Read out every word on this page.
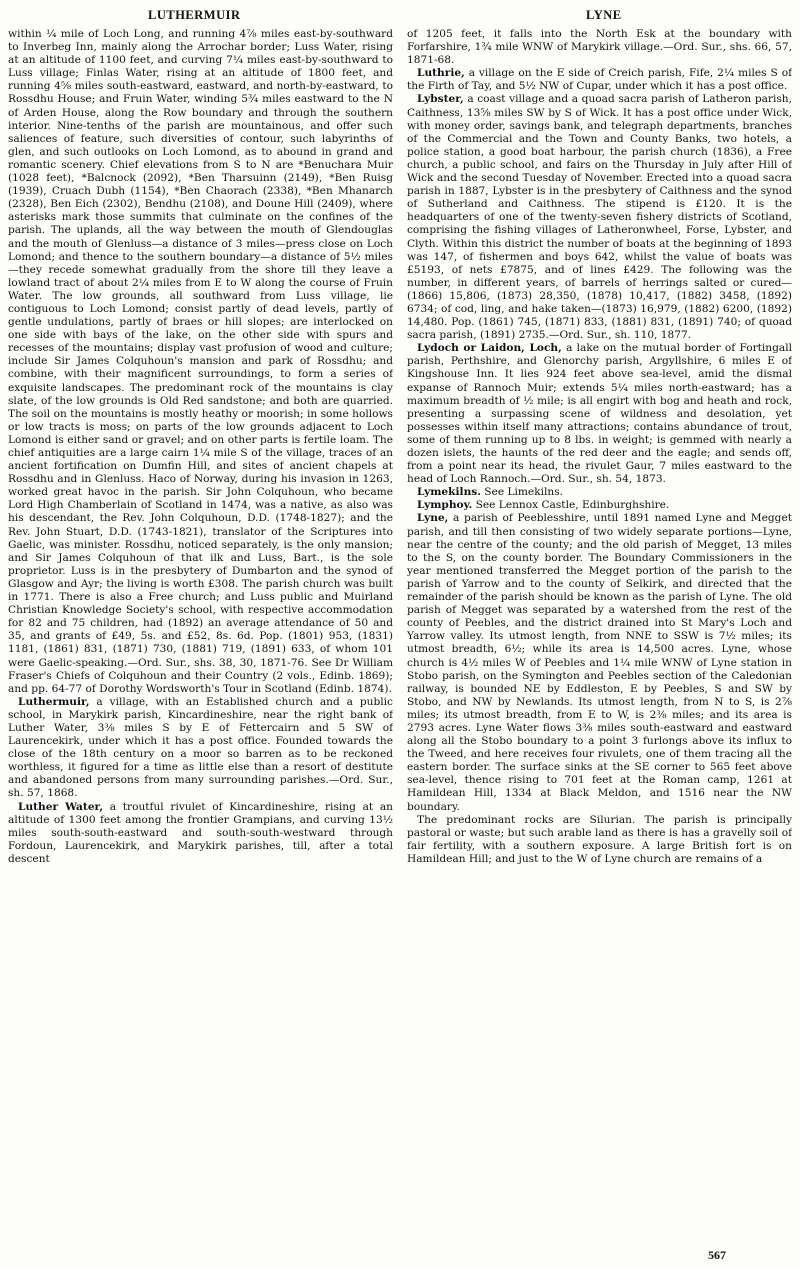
LUTHERMUIR	LYNE

within ¼ mile of Loch Long, and running 4⅞ miles east-by-southward to Inverbeg Inn, mainly along the Arrochar border; Luss Water, rising at an altitude of 1100 feet, and curving 7¼ miles east-by-southward to Luss village; Finlas Water, rising at an altitude of 1800 feet, and running 4⅝ miles south-eastward, eastward, and north-by-eastward, to Rossdhu House; and Fruin Water, winding 5¾ miles eastward to the N of Arden House, along the Row boundary and through the southern interior. Nine-tenths of the parish are mountainous, and offer such saliences of feature, such diversities of contour, such labyrinths of glen, and such outlooks on Loch Lomond, as to abound in grand and romantic scenery. Chief elevations from S to N are *Benuchara Muir (1028 feet), *Balcnock (2092), *Ben Tharsuinn (2149), *Ben Ruisg (1939), Cruach Dubh (1154), *Ben Chaorach (2338), *Ben Mhanarch (2328), Ben Eich (2302), Bendhu (2108), and Doune Hill (2409), where asterisks mark those summits that culminate on the confines of the parish. The uplands, all the way between the mouth of Glendouglas and the mouth of Glenluss—a distance of 3 miles—press close on Loch Lomond; and thence to the southern boundary—a distance of 5½ miles—they recede somewhat gradually from the shore till they leave a lowland tract of about 2¼ miles from E to W along the course of Fruin Water. The low grounds, all southward from Luss village, lie contiguous to Loch Lomond; consist partly of dead levels, partly of gentle undulations, partly of braes or hill slopes; are interlocked on one side with bays of the lake, on the other side with spurs and recesses of the mountains; display vast profusion of wood and culture; include Sir James Colquhoun's mansion and park of Rossdhu; and combine, with their magnificent surroundings, to form a series of exquisite landscapes. The predominant rock of the mountains is clay slate, of the low grounds is Old Red sandstone; and both are quarried. The soil on the mountains is mostly heathy or moorish; in some hollows or low tracts is moss; on parts of the low grounds adjacent to Loch Lomond is either sand or gravel; and on other parts is fertile loam. The chief antiquities are a large cairn 1¼ mile S of the village, traces of an ancient fortification on Dumfin Hill, and sites of ancient chapels at Rossdhu and in Glenluss. Haco of Norway, during his invasion in 1263, worked great havoc in the parish. Sir John Colquhoun, who became Lord High Chamberlain of Scotland in 1474, was a native, as also was his descendant, the Rev. John Colquhoun, D.D. (1748-1827); and the Rev. John Stuart, D.D. (1743-1821), translator of the Scriptures into Gaelic, was minister. Rossdhu, noticed separately, is the only mansion; and Sir James Colquhoun of that ilk and Luss, Bart., is the sole proprietor. Luss is in the presbytery of Dumbarton and the synod of Glasgow and Ayr; the living is worth £308. The parish church was built in 1771. There is also a Free church; and Luss public and Muirland Christian Knowledge Society's school, with respective accommodation for 82 and 75 children, had (1892) an average attendance of 50 and 35, and grants of £49, 5s. and £52, 8s. 6d. Pop. (1801) 953, (1831) 1181, (1861) 831, (1871) 730, (1881) 719, (1891) 633, of whom 101 were Gaelic-speaking.—Ord. Sur., shs. 38, 30, 1871-76. See Dr William Fraser's Chiefs of Colquhoun and their Country (2 vols., Edinb. 1869); and pp. 64-77 of Dorothy Wordsworth's Tour in Scotland (Edinb. 1874).

Luthermuir, a village, with an Established church and a public school, in Marykirk parish, Kincardineshire, near the right bank of Luther Water, 3⅜ miles S by E of Fettercairn and 5 SW of Laurencekirk, under which it has a post office. Founded towards the close of the 18th century on a moor so barren as to be reckoned worthless, it figured for a time as little else than a resort of destitute and abandoned persons from many surrounding parishes.—Ord. Sur., sh. 57, 1868.

Luther Water, a troutful rivulet of Kincardineshire, rising at an altitude of 1300 feet among the frontier Grampians, and curving 13½ miles south-south-eastward and south-south-westward through Fordoun, Laurencekirk, and Marykirk parishes, till, after a total descent

of 1205 feet, it falls into the North Esk at the boundary with Forfarshire, 1¾ mile WNW of Marykirk village.—Ord. Sur., shs. 66, 57, 1871-68.

Luthrie, a village on the E side of Creich parish, Fife, 2¼ miles S of the Firth of Tay, and 5½ NW of Cupar, under which it has a post office.

Lybster, a coast village and a quoad sacra parish of Latheron parish, Caithness, 13⅝ miles SW by S of Wick. It has a post office under Wick, with money order, savings bank, and telegraph departments, branches of the Commercial and the Town and County Banks, two hotels, a police station, a good boat harbour, the parish church (1836), a Free church, a public school, and fairs on the Thursday in July after Hill of Wick and the second Tuesday of November. Erected into a quoad sacra parish in 1887, Lybster is in the presbytery of Caithness and the synod of Sutherland and Caithness. The stipend is £120. It is the headquarters of one of the twenty-seven fishery districts of Scotland, comprising the fishing villages of Latheronwheel, Forse, Lybster, and Clyth. Within this district the number of boats at the beginning of 1893 was 147, of fishermen and boys 642, whilst the value of boats was £5193, of nets £7875, and of lines £429. The following was the number, in different years, of barrels of herrings salted or cured—(1866) 15,806, (1873) 28,350, (1878) 10,417, (1882) 3458, (1892) 6734; of cod, ling, and hake taken—(1873) 16,979, (1882) 6200, (1892) 14,480. Pop. (1861) 745, (1871) 833, (1881) 831, (1891) 740; of quoad sacra parish, (1891) 2735.—Ord. Sur., sh. 110, 1877.

Lydoch or Laidon, Loch, a lake on the mutual border of Fortingall parish, Perthshire, and Glenorchy parish, Argyllshire, 6 miles E of Kingshouse Inn. It lies 924 feet above sea-level, amid the dismal expanse of Rannoch Muir; extends 5¼ miles north-eastward; has a maximum breadth of ½ mile; is all engirt with bog and heath and rock, presenting a surpassing scene of wildness and desolation, yet possesses within itself many attractions; contains abundance of trout, some of them running up to 8 lbs. in weight; is gemmed with nearly a dozen islets, the haunts of the red deer and the eagle; and sends off, from a point near its head, the rivulet Gaur, 7 miles eastward to the head of Loch Rannoch.—Ord. Sur., sh. 54, 1873.

Lymekilns. See Limekilns.

Lymphoy. See Lennox Castle, Edinburghshire.

Lyne, a parish of Peeblesshire, until 1891 named Lyne and Megget parish, and till then consisting of two widely separate portions—Lyne, near the centre of the county; and the old parish of Megget, 13 miles to the S, on the county border. The Boundary Commissioners in the year mentioned transferred the Megget portion of the parish to the parish of Yarrow and to the county of Selkirk, and directed that the remainder of the parish should be known as the parish of Lyne. The old parish of Megget was separated by a watershed from the rest of the county of Peebles, and the district drained into St Mary's Loch and Yarrow valley. Its utmost length, from NNE to SSW is 7½ miles; its utmost breadth, 6½; while its area is 14,500 acres. Lyne, whose church is 4½ miles W of Peebles and 1¼ mile WNW of Lyne station in Stobo parish, on the Symington and Peebles section of the Caledonian railway, is bounded NE by Eddleston, E by Peebles, S and SW by Stobo, and NW by Newlands. Its utmost length, from N to S, is 2⅞ miles; its utmost breadth, from E to W, is 2⅜ miles; and its area is 2793 acres. Lyne Water flows 3⅜ miles south-eastward and eastward along all the Stobo boundary to a point 3 furlongs above its influx to the Tweed, and here receives four rivulets, one of them tracing all the eastern border. The surface sinks at the SE corner to 565 feet above sea-level, thence rising to 701 feet at the Roman camp, 1261 at Hamildean Hill, 1334 at Black Meldon, and 1516 near the NW boundary.

The predominant rocks are Silurian. The parish is principally pastoral or waste; but such arable land as there is has a gravelly soil of fair fertility, with a southern exposure. A large British fort is on Hamildean Hill; and just to the W of Lyne church are remains of a

567
